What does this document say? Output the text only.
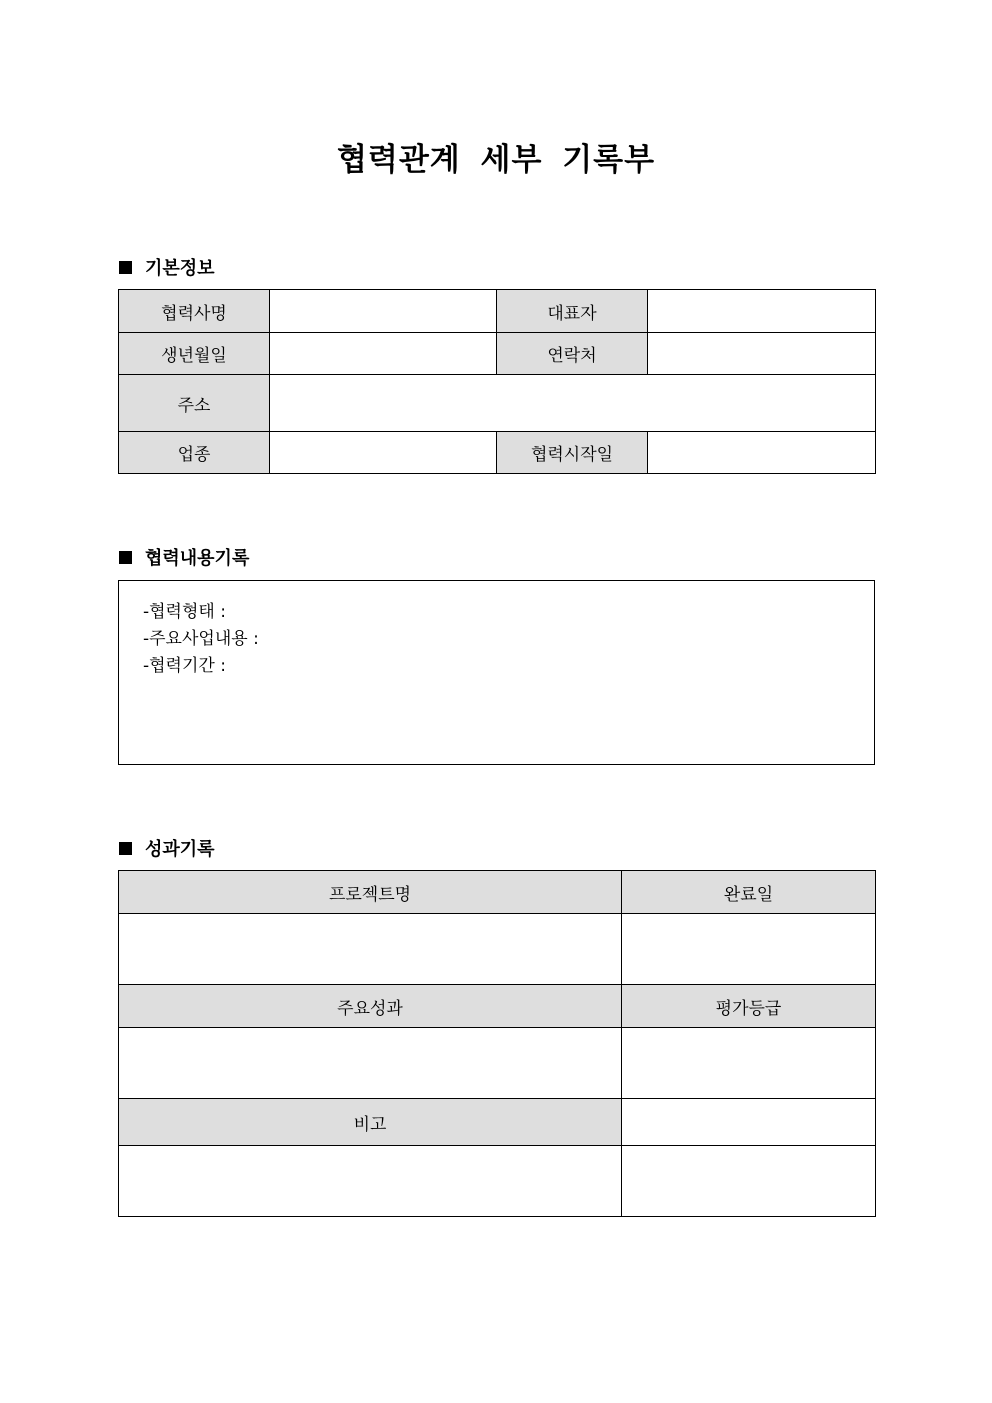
협력관계 세부 기록부
기본정보
협력사명		대표자	
생년월일		연락처	
주소			
업종		협력시작일	
협력내용기록
-협력형태 :
-주요사업내용 :
-협력기간 :
성과기록
프로젝트명	완료일

주요성과	평가등급

비고	
